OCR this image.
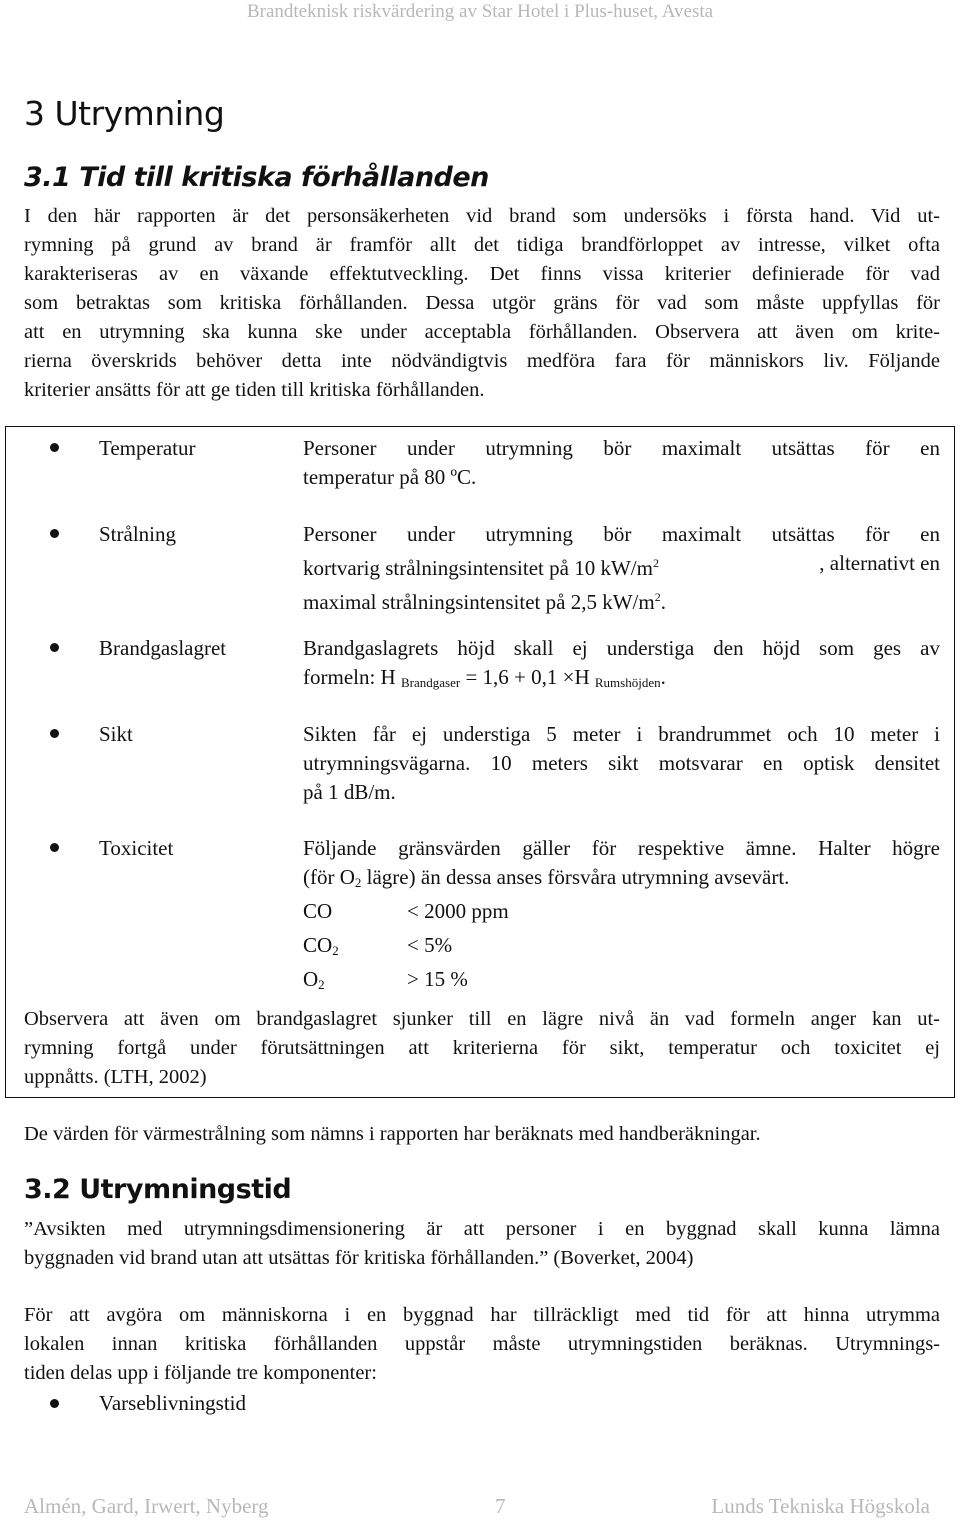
Brandteknisk riskvärdering av Star Hotel i Plus-huset, Avesta
3 Utrymning
3.1 Tid till kritiska förhållanden
I den här rapporten är det personsäkerheten vid brand som undersöks i första hand. Vid ut-
rymning på grund av brand är framför allt det tidiga brandförloppet av intresse, vilket ofta
karakteriseras av en växande effektutveckling. Det finns vissa kriterier definierade för vad
som betraktas som kritiska förhållanden. Dessa utgör gräns för vad som måste uppfyllas för
att en utrymning ska kunna ske under acceptabla förhållanden. Observera att även om krite-
rierna överskrids behöver detta inte nödvändigtvis medföra fara för människors liv. Följande
kriterier ansätts för att ge tiden till kritiska förhållanden.
Temperatur	Personer under utrymning bör maximalt utsättas för en
temperatur på 80 ºC.
Strålning	Personer under utrymning bör maximalt utsättas för en
kortvarig strålningsintensitet på 10 $kW/m^2$	, alternativt en
maximal strålningsintensitet på 2,5 $kW/m^2$.
Brandgaslagret	Brandgaslagrets höjd skall ej understiga den höjd som ges av
formeln: H $_{Brandgaser}$ = 1,6 + 0,1 ×H $_{Rumshöjden}$.
Sikt	Sikten får ej understiga 5 meter i brandrummet och 10 meter i
utrymningsvägarna. 10 meters sikt motsvarar en optisk densitet
på 1 dB/m.
Toxicitet	Följande gränsvärden gäller för respektive ämne. Halter högre
(för $O_2$ lägre) än dessa anses försvåra utrymning avsevärt.
CO	< 2000 ppm
$CO_2$	< 5%
$O_2$	> 15 %
Observera att även om brandgaslagret sjunker till en lägre nivå än vad formeln anger kan ut-
rymning fortgå under förutsättningen att kriterierna för sikt, temperatur och toxicitet ej
uppnåtts. (LTH, 2002)
De värden för värmestrålning som nämns i rapporten har beräknats med handberäkningar.
3.2 Utrymningstid
”Avsikten med utrymningsdimensionering är att personer i en byggnad skall kunna lämna
byggnaden vid brand utan att utsättas för kritiska förhållanden.” (Boverket, 2004)
För att avgöra om människorna i en byggnad har tillräckligt med tid för att hinna utrymma
lokalen innan kritiska förhållanden uppstår måste utrymningstiden beräknas. Utrymnings-
tiden delas upp i följande tre komponenter:
Varseblivningstid
Almén, Gard, Irwert, Nyberg	7	Lunds Tekniska Högskola
